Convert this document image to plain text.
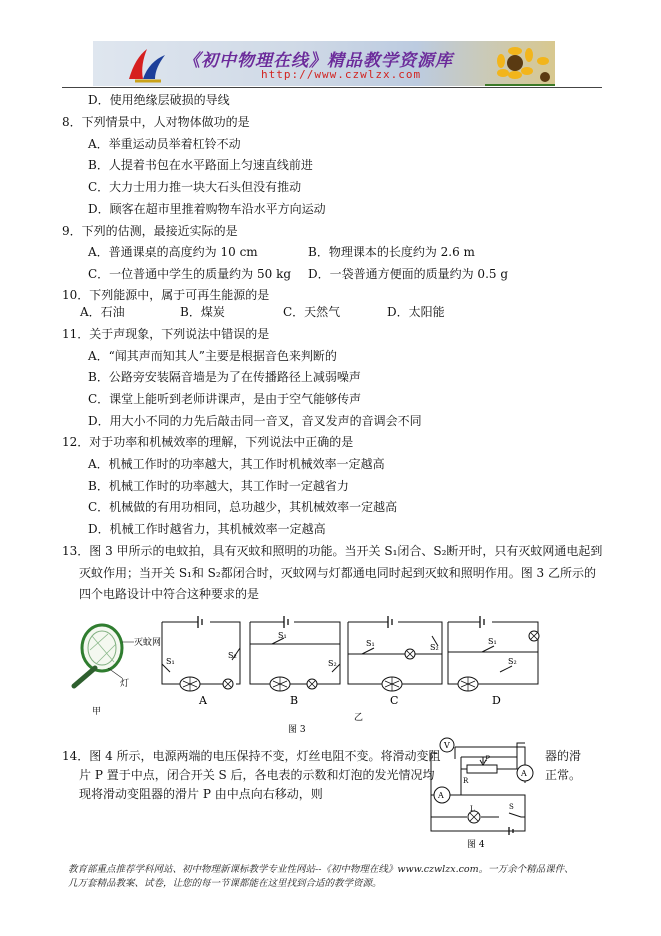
《初中物理在线》精品教学资源库
http://www.czwlzx.com
D．使用绝缘层破损的导线
8．下列情景中，人对物体做功的是
A．举重运动员举着杠铃不动
B．人提着书包在水平路面上匀速直线前进
C．大力士用力推一块大石头但没有推动
D．顾客在超市里推着购物车沿水平方向运动
9．下列的估测，最接近实际的是
A．普通课桌的高度约为 10 cm	B．物理课本的长度约为 2.6 m
C．一位普通中学生的质量约为 50 kg D．一袋普通方便面的质量约为 0.5 g
10．下列能源中，属于可再生能源的是
A．石油	B．煤炭	C．天然气	D．太阳能
11．关于声现象，下列说法中错误的是
A．“闻其声而知其人”主要是根据音色来判断的
B．公路旁安装隔音墙是为了在传播路径上减弱噪声
C．课堂上能听到老师讲课声，是由于空气能够传声
D．用大小不同的力先后敲击同一音叉，音叉发声的音调会不同
12．对于功率和机械效率的理解，下列说法中正确的是
A．机械工作时的功率越大，其工作时机械效率一定越高
B．机械工作时的功率越大，其工作时一定越省力
C．机械做的有用功相同，总功越少，其机械效率一定越高
D．机械工作时越省力，其机械效率一定越高
13．图 3 甲所示的电蚊拍，具有灭蚊和照明的功能。当开关 S₁闭合、S₂断开时，只有灭蚊网通电起到
灭蚊作用；当开关 S₁和 S₂都闭合时，灭蚊网与灯都通电同时起到灭蚊和照明作用。图 3 乙所示的
四个电路设计中符合这种要求的是
灭蚊网
灯
甲
S₁
S₂
A
S₁
S₂
B
S₁	S₂
C
S₁
S₂
D
图 3
乙
14．图 4 所示，电源两端的电压保持不变，灯丝电阻不变。将滑动变阻
片 P 置于中点，闭合开关 S 后，各电表的示数和灯泡的发光情况均
现将滑动变阻器的滑片 P 由中点向右移动，则
器的滑
正常。
V
A
A
P
R
L	S
图 4
教育部重点推荐学科网站、初中物理新课标教学专业性网站--《初中物理在线》www.czwlzx.com。一万余个精品课件、
几万套精品教案、试卷，让您的每一节课都能在这里找到合适的教学资源。
